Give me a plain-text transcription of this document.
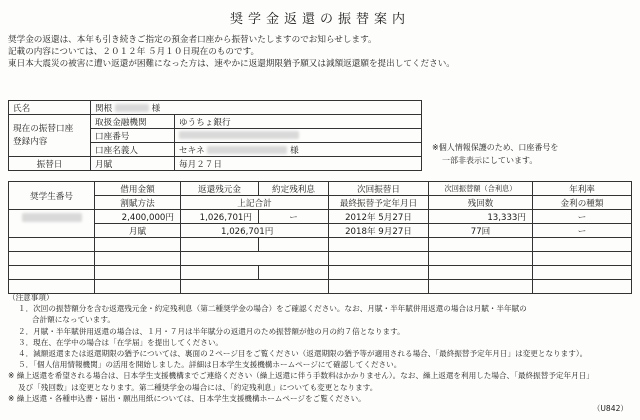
奨学金返還の振替案内
奨学金の返還は、本年も引き続きご指定の預金者口座から振替いたしますのでお知らせします。
記載の内容については、２０１２年 ５月１０日現在のものです。
東日本大震災の被害に遭い返還が困難になった方は、速やかに返還期限猶予願又は減額返還願を提出してください。
氏名	関根 様	

現在の振替口座
登録内容	取扱金融機関	ゆうちょ銀行
	口座番号	
	口座名義人	セキネ 様
振替日	月賦	毎月２７日
※個人情報保護のため、口座番号を
一部非表示にしています。
奨学生番号	借用金額	返還残元金	約定残利息	次回振替日	次回振替額（合利息）	年利率
	割賦方法	上記合計		最終振替予定年月日	残回数	金利の種類
	2,400,000円	1,026,701円	ー	2012年 5月27日	13,333円	ー
	月賦	1,026,701円		2018年 9月27日	77回	ー

（注意事項）
１．次回の振替額分を含む返還残元金・約定残利息（第二種奨学金の場合）をご確認ください。なお、月賦・半年賦併用返還の場合は月賦・半年賦の
合計額になっています。
２．月賦・半年賦併用返還の場合は、１月・７月は半年賦分の返還月のため振替額が他の月の約７倍となります。
３．現在、在学中の場合は「在学届」を提出してください。
４．減額返還または返還期限の猶予については、裏面の２ページ目をご覧ください（返還期限の猶予等が適用される場合、「最終振替予定年月日」は変更となります）。
５．「個人信用情報機関」の活用を開始しました。詳細は日本学生支援機構ホームページにて確認してください。
※ 繰上返還を希望される場合は、日本学生支援機構までご連絡ください（繰上返還に伴う手数料はかかりません）。なお、繰上返還を利用した場合、「最終振替予定年月日」
及び「残回数」は変更となります。第二種奨学金の場合には、「約定残利息」についても変更となります。
※ 繰上返還・各種申込書・届出・願出用紙については、日本学生支援機構ホームページをご覧ください。
（U842）
